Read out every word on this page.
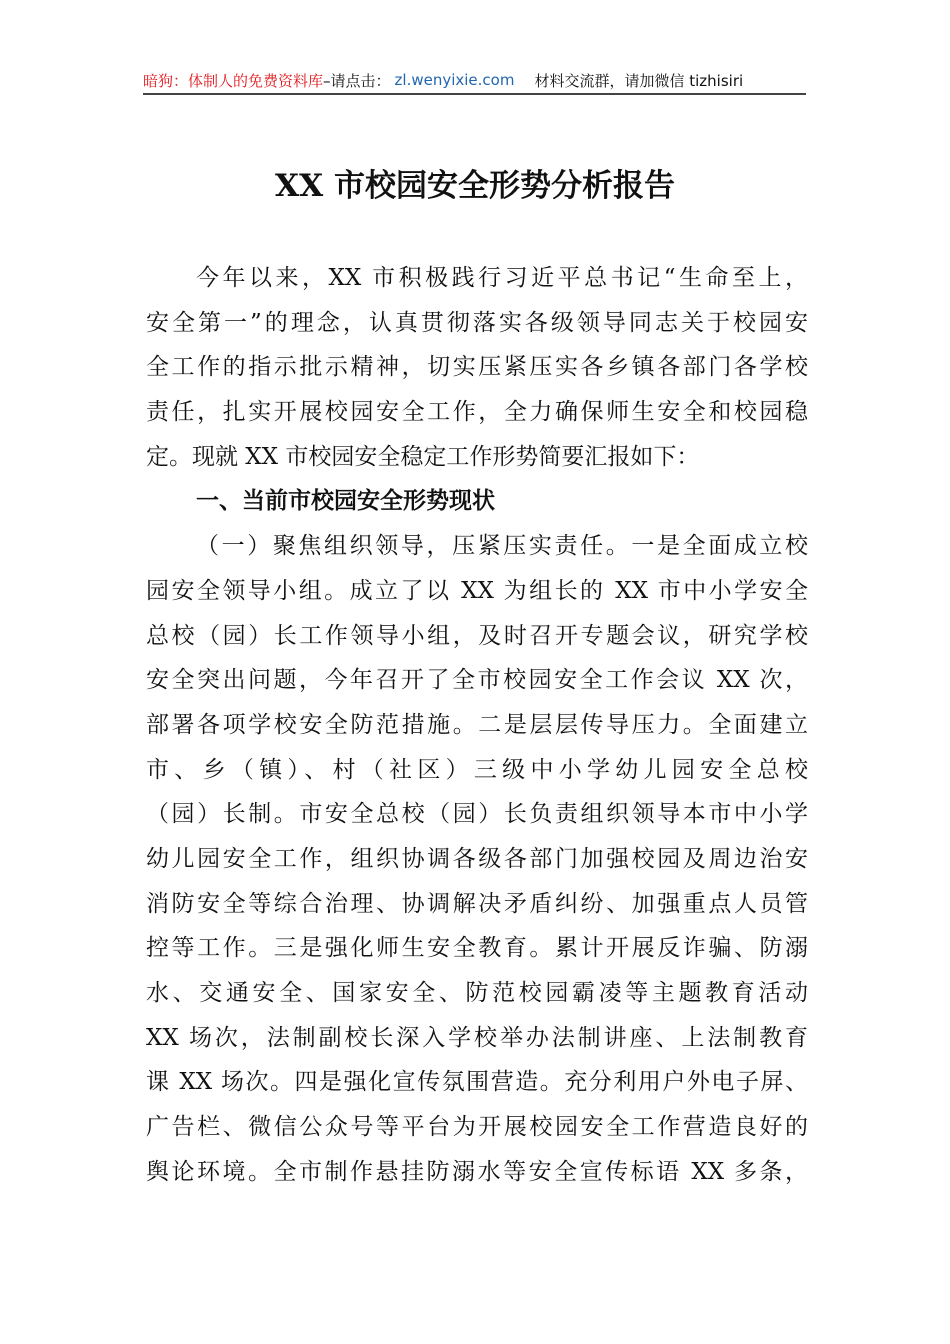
暗狗：体制人的免费资料库 –请点击： zl.wenyixie.com 材料交流群，请加微信 tizhisiri
XX 市校园安全形势分析报告
今年以来，XX 市积极践行习近平总书记“生命至上，
安全第一”的理念，认真贯彻落实各级领导同志关于校园安
全工作的指示批示精神，切实压紧压实各乡镇各部门各学校
责任，扎实开展校园安全工作，全力确保师生安全和校园稳
定。现就 XX 市校园安全稳定工作形势简要汇报如下：
一、当前市校园安全形势现状
（一）聚焦组织领导，压紧压实责任。一是全面成立校
园安全领导小组。成立了以 XX 为组长的 XX 市中小学安全
总校（园）长工作领导小组，及时召开专题会议，研究学校
安全突出问题，今年召开了全市校园安全工作会议 XX 次，
部署各项学校安全防范措施。二是层层传导压力。全面建立
市、乡（镇）、村（社区）三级中小学幼儿园安全总校
（园）长制。市安全总校（园）长负责组织领导本市中小学
幼儿园安全工作，组织协调各级各部门加强校园及周边治安
消防安全等综合治理、协调解决矛盾纠纷、加强重点人员管
控等工作。三是强化师生安全教育。累计开展反诈骗、防溺
水、交通安全、国家安全、防范校园霸凌等主题教育活动
XX 场次，法制副校长深入学校举办法制讲座、上法制教育
课 XX 场次。四是强化宣传氛围营造。充分利用户外电子屏、
广告栏、微信公众号等平台为开展校园安全工作营造良好的
舆论环境。全市制作悬挂防溺水等安全宣传标语 XX 多条，
